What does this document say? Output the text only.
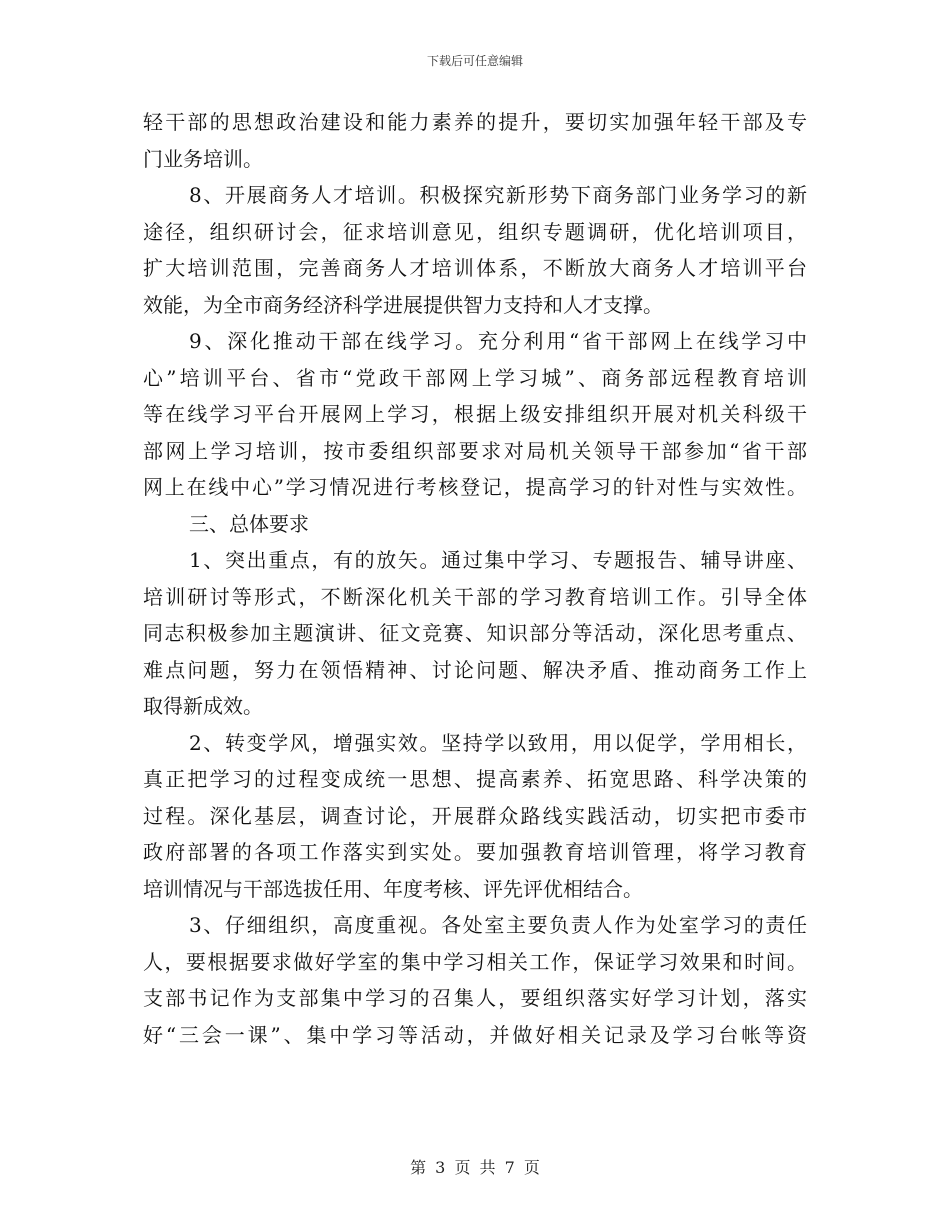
下载后可任意编辑
轻干部的思想政治建设和能力素养的提升，要切实加强年轻干部及专
门业务培训。
8、开展商务人才培训。积极探究新形势下商务部门业务学习的新
途径，组织研讨会，征求培训意见，组织专题调研，优化培训项目，
扩大培训范围，完善商务人才培训体系，不断放大商务人才培训平台
效能，为全市商务经济科学进展提供智力支持和人才支撑。
9、深化推动干部在线学习。充分利用“省干部网上在线学习中
心”培训平台、省市“党政干部网上学习城”、商务部远程教育培训
等在线学习平台开展网上学习，根据上级安排组织开展对机关科级干
部网上学习培训，按市委组织部要求对局机关领导干部参加“省干部
网上在线中心”学习情况进行考核登记，提高学习的针对性与实效性。
三、总体要求
1、突出重点，有的放矢。通过集中学习、专题报告、辅导讲座、
培训研讨等形式，不断深化机关干部的学习教育培训工作。引导全体
同志积极参加主题演讲、征文竞赛、知识部分等活动，深化思考重点、
难点问题，努力在领悟精神、讨论问题、解决矛盾、推动商务工作上
取得新成效。
2、转变学风，增强实效。坚持学以致用，用以促学，学用相长，
真正把学习的过程变成统一思想、提高素养、拓宽思路、科学决策的
过程。深化基层，调查讨论，开展群众路线实践活动，切实把市委市
政府部署的各项工作落实到实处。要加强教育培训管理，将学习教育
培训情况与干部选拔任用、年度考核、评先评优相结合。
3、仔细组织，高度重视。各处室主要负责人作为处室学习的责任
人，要根据要求做好学室的集中学习相关工作，保证学习效果和时间。
支部书记作为支部集中学习的召集人，要组织落实好学习计划，落实
好“三会一课”、集中学习等活动，并做好相关记录及学习台帐等资
第 3 页 共 7 页
